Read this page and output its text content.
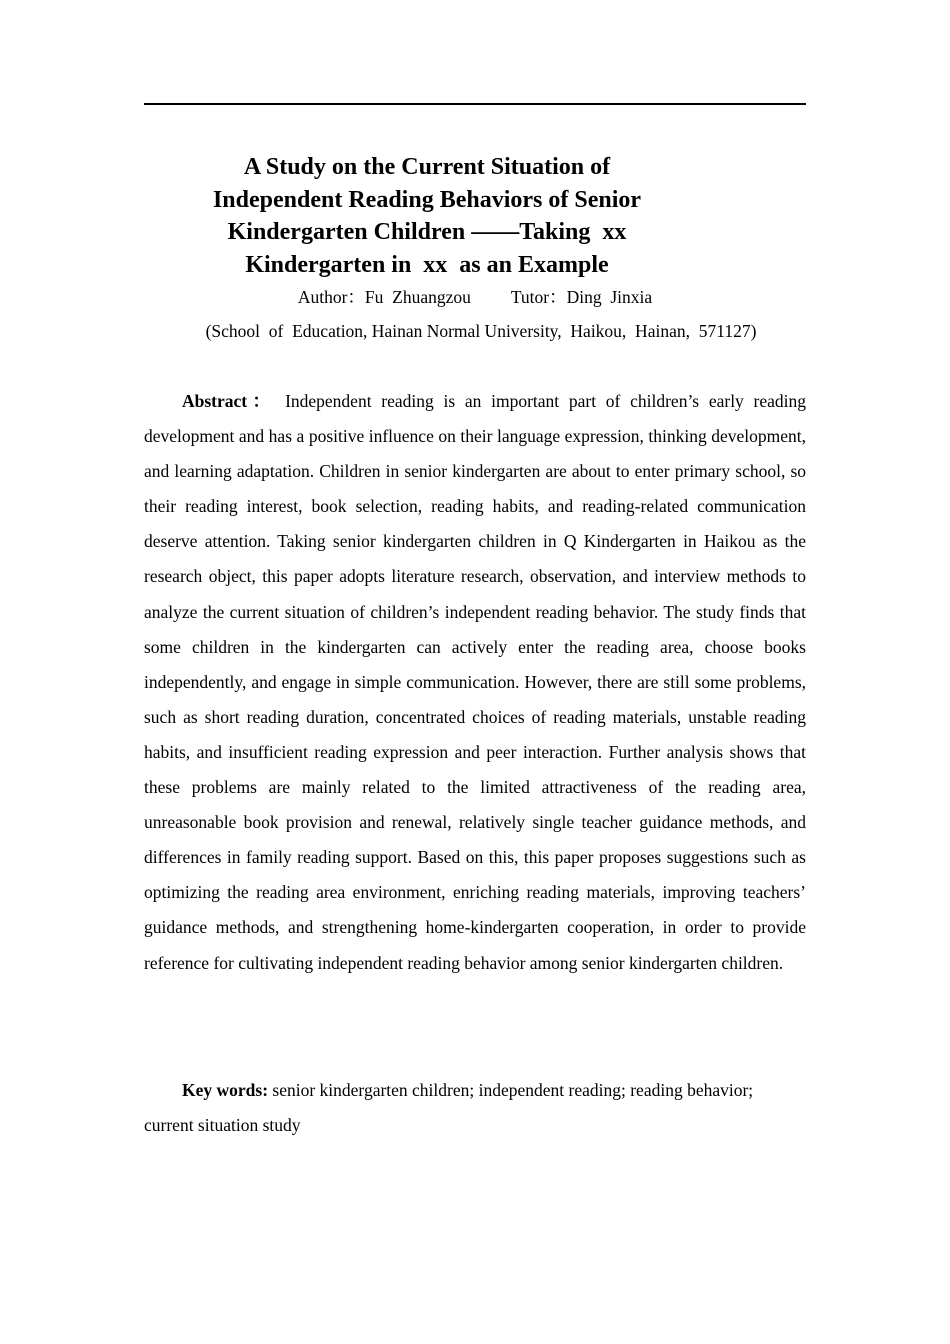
A Study on the Current Situation of
Independent Reading Behaviors of Senior
Kindergarten Children ——Taking  xx
Kindergarten in  xx  as an Example
Author：Fu  Zhuangzou Tutor：Ding  Jinxia
(School  of  Education, Hainan Normal University,  Haikou,  Hainan,  571127)

Abstract： Independent reading is an important part of children’s early reading development and has a positive influence on their language expression, thinking development, and learning adaptation. Children in senior kindergarten are about to enter primary school, so their reading interest, book selection, reading habits, and reading-related communication deserve attention. Taking senior kindergarten children in Q Kindergarten in Haikou as the research object, this paper adopts literature research, observation, and interview methods to analyze the current situation of children’s independent reading behavior. The study finds that some children in the kindergarten can actively enter the reading area, choose books independently, and engage in simple communication. However, there are still some problems, such as short reading duration, concentrated choices of reading materials, unstable reading habits, and insufficient reading expression and peer interaction. Further analysis shows that these problems are mainly related to the limited attractiveness of the reading area, unreasonable book provision and renewal, relatively single teacher guidance methods, and differences in family reading support. Based on this, this paper proposes suggestions such as optimizing the reading area environment, enriching reading materials, improving teachers’ guidance methods, and strengthening home-kindergarten cooperation, in order to provide reference for cultivating independent reading behavior among senior kindergarten children.

Key words: senior kindergarten children; independent reading; reading behavior; current situation study
